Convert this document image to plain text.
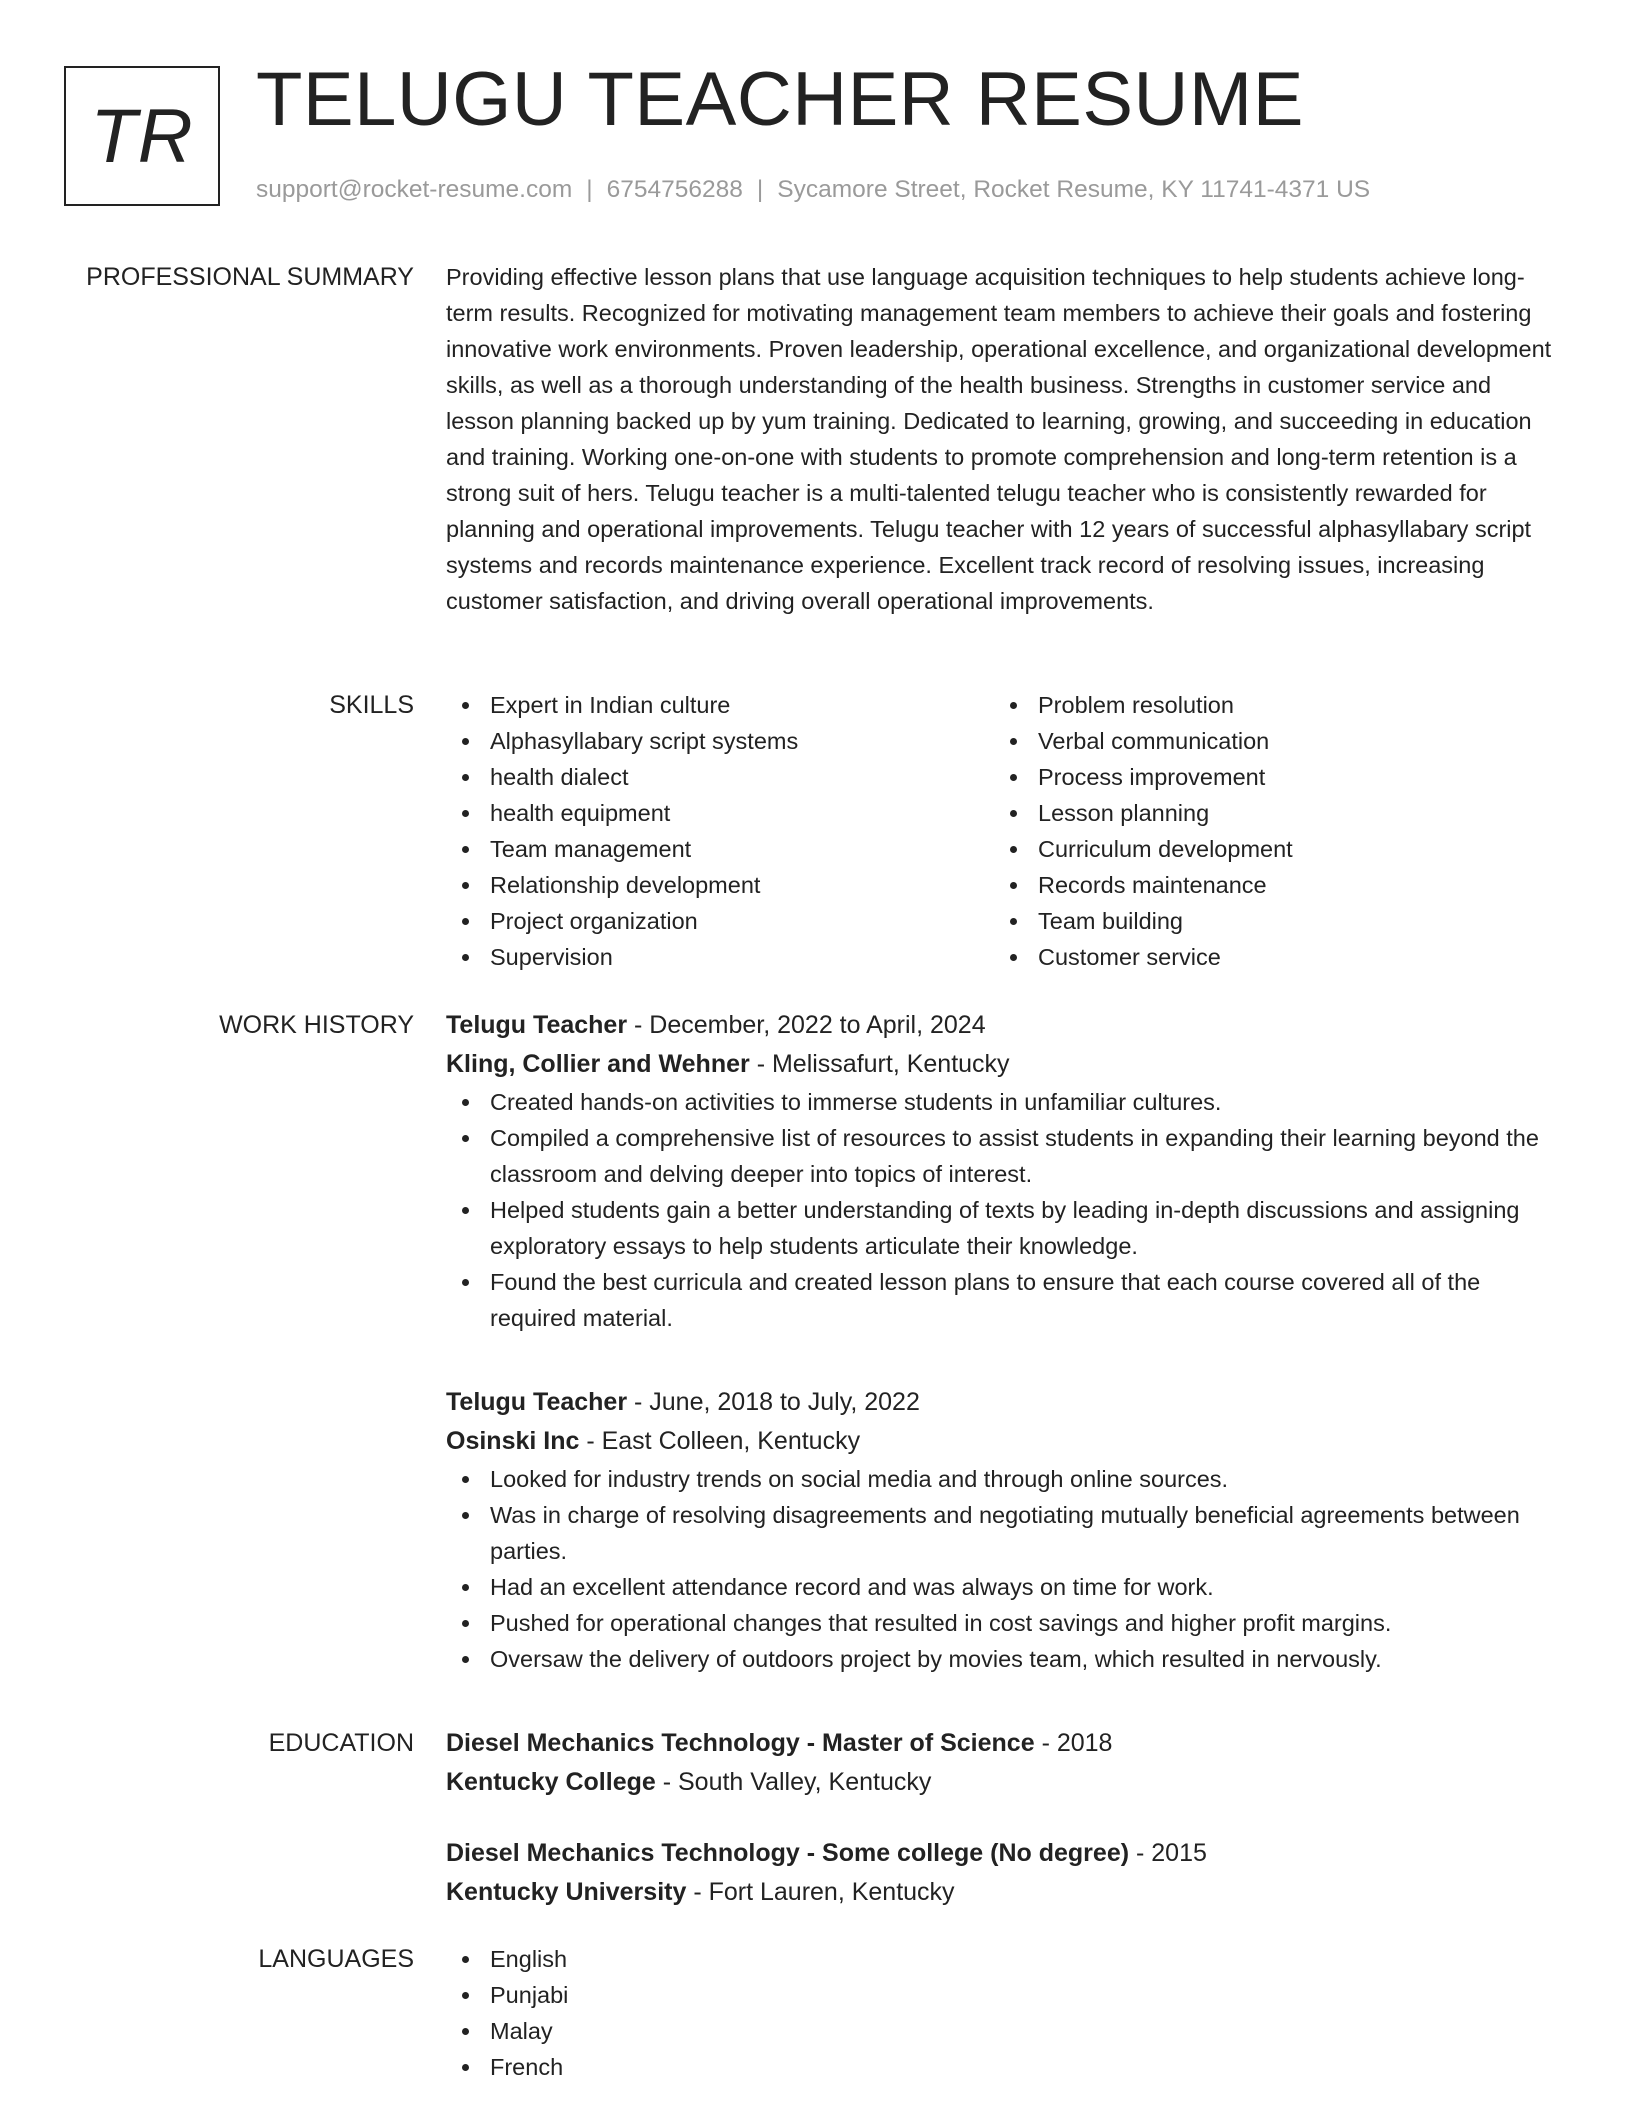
TR TELUGU TEACHER RESUME
support@rocket-resume.com | 6754756288 | Sycamore Street, Rocket Resume, KY 11741-4371 US
PROFESSIONAL SUMMARY Providing effective lesson plans that use language acquisition techniques to help students achieve long-term results. Recognized for motivating management team members to achieve their goals and fostering innovative work environments. Proven leadership, operational excellence, and organizational development skills, as well as a thorough understanding of the health business. Strengths in customer service and lesson planning backed up by yum training. Dedicated to learning, growing, and succeeding in education and training. Working one-on-one with students to promote comprehension and long-term retention is a strong suit of hers. Telugu teacher is a multi-talented telugu teacher who is consistently rewarded for planning and operational improvements. Telugu teacher with 12 years of successful alphasyllabary script systems and records maintenance experience. Excellent track record of resolving issues, increasing customer satisfaction, and driving overall operational improvements.
SKILLS	Expert in Indian culture
Alphasyllabary script systems
health dialect
health equipment
Team management
Relationship development
Project organization
Supervision
Problem resolution
Verbal communication
Process improvement
Lesson planning
Curriculum development
Records maintenance
Team building
Customer service
WORK HISTORY Telugu Teacher - December, 2022 to April, 2024
Kling, Collier and Wehner - Melissafurt, Kentucky
Created hands-on activities to immerse students in unfamiliar cultures.
Compiled a comprehensive list of resources to assist students in expanding their learning beyond the classroom and delving deeper into topics of interest.
Helped students gain a better understanding of texts by leading in-depth discussions and assigning exploratory essays to help students articulate their knowledge.
Found the best curricula and created lesson plans to ensure that each course covered all of the required material.
Telugu Teacher - June, 2018 to July, 2022
Osinski Inc - East Colleen, Kentucky
Looked for industry trends on social media and through online sources.
Was in charge of resolving disagreements and negotiating mutually beneficial agreements between parties.
Had an excellent attendance record and was always on time for work.
Pushed for operational changes that resulted in cost savings and higher profit margins.
Oversaw the delivery of outdoors project by movies team, which resulted in nervously.
EDUCATION Diesel Mechanics Technology - Master of Science - 2018
Kentucky College - South Valley, Kentucky
Diesel Mechanics Technology - Some college (No degree) - 2015
Kentucky University - Fort Lauren, Kentucky
LANGUAGES	English
Punjabi
Malay
French
